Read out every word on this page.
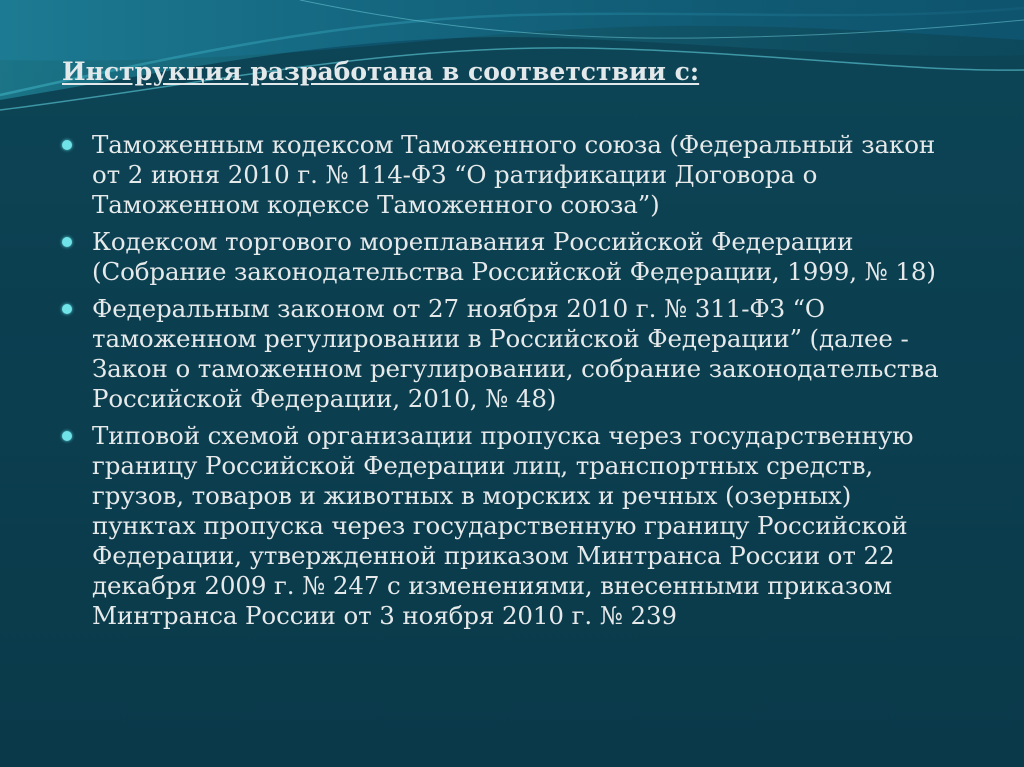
Инструкция разработана в соответствии с:
Таможенным кодексом Таможенного союза (Федеральный закон от 2 июня 2010 г. № 114-ФЗ “О ратификации Договора о Таможенном кодексе Таможенного союза”)
Кодексом торгового мореплавания Российской Федерации (Собрание законодательства Российской Федерации, 1999, № 18)
Федеральным законом от 27 ноября 2010 г. № 311-ФЗ “О таможенном регулировании в Российской Федерации” (далее - Закон о таможенном регулировании, собрание законодательства Российской Федерации, 2010, № 48)
Типовой схемой организации пропуска через государственную границу Российской Федерации лиц, транспортных средств, грузов, товаров и животных в морских и речных (озерных) пунктах пропуска через государственную границу Российской Федерации, утвержденной приказом Минтранса России от 22 декабря 2009 г. № 247 с изменениями, внесенными приказом Минтранса России от 3 ноября 2010 г. № 239
